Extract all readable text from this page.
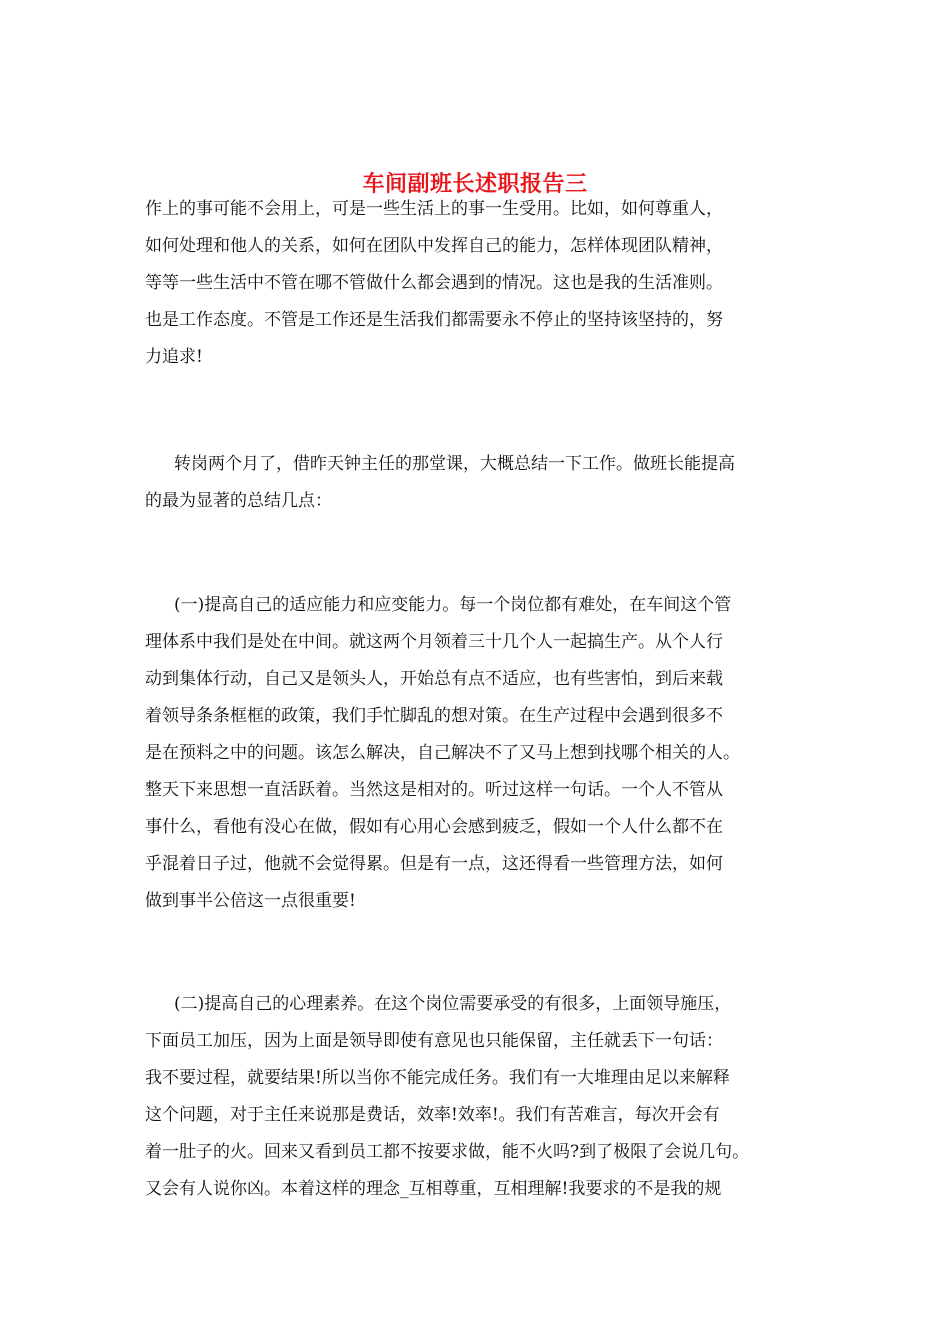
车间副班长述职报告三
作上的事可能不会用上，可是一些生活上的事一生受用。比如，如何尊重人，
如何处理和他人的关系，如何在团队中发挥自己的能力，怎样体现团队精神，
等等一些生活中不管在哪不管做什么都会遇到的情况。这也是我的生活准则。
也是工作态度。不管是工作还是生活我们都需要永不停止的坚持该坚持的，努
力追求!
转岗两个月了，借昨天钟主任的那堂课，大概总结一下工作。做班长能提高
的最为显著的总结几点：
(一)提高自己的适应能力和应变能力。每一个岗位都有难处，在车间这个管
理体系中我们是处在中间。就这两个月领着三十几个人一起搞生产。从个人行
动到集体行动，自己又是领头人，开始总有点不适应，也有些害怕，到后来载
着领导条条框框的政策，我们手忙脚乱的想对策。在生产过程中会遇到很多不
是在预料之中的问题。该怎么解决，自己解决不了又马上想到找哪个相关的人。
整天下来思想一直活跃着。当然这是相对的。听过这样一句话。一个人不管从
事什么，看他有没心在做，假如有心用心会感到疲乏，假如一个人什么都不在
乎混着日子过，他就不会觉得累。但是有一点，这还得看一些管理方法，如何
做到事半公倍这一点很重要!
(二)提高自己的心理素养。在这个岗位需要承受的有很多，上面领导施压，
下面员工加压，因为上面是领导即使有意见也只能保留，主任就丢下一句话：
我不要过程，就要结果!所以当你不能完成任务。我们有一大堆理由足以来解释
这个问题，对于主任来说那是费话，效率!效率!。我们有苦难言，每次开会有
着一肚子的火。回来又看到员工都不按要求做，能不火吗?到了极限了会说几句。
又会有人说你凶。本着这样的理念_互相尊重，互相理解!我要求的不是我的规
